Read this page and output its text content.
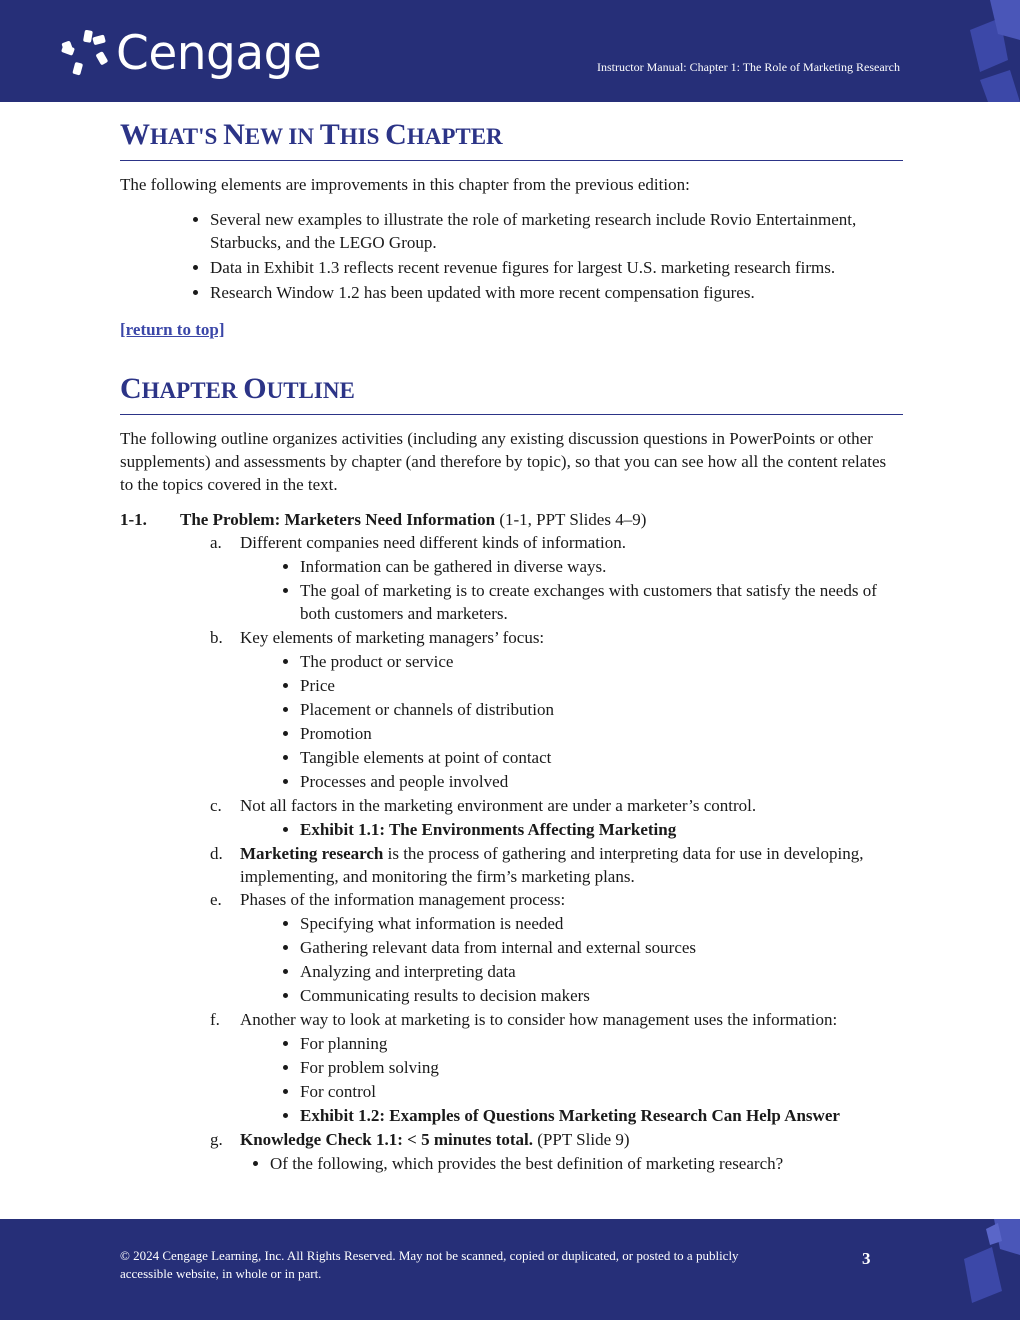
Cengage	Instructor Manual: Chapter 1: The Role of Marketing Research
WHAT'S NEW IN THIS CHAPTER

The following elements are improvements in this chapter from the previous edition:

• Several new examples to illustrate the role of marketing research include Rovio Entertainment, Starbucks, and the LEGO Group.
• Data in Exhibit 1.3 reflects recent revenue figures for largest U.S. marketing research firms.
• Research Window 1.2 has been updated with more recent compensation figures.
[return to top]
CHAPTER OUTLINE

The following outline organizes activities (including any existing discussion questions in PowerPoints or other supplements) and assessments by chapter (and therefore by topic), so that you can see how all the content relates to the topics covered in the text.

1-1.	The Problem: Marketers Need Information (1-1, PPT Slides 4–9)
a.	Different companies need different kinds of information.
• Information can be gathered in diverse ways.
• The goal of marketing is to create exchanges with customers that satisfy the needs of both customers and marketers.
b.	Key elements of marketing managers’ focus:
• The product or service
• Price
• Placement or channels of distribution
• Promotion
• Tangible elements at point of contact
• Processes and people involved
c.	Not all factors in the marketing environment are under a marketer’s control.
• Exhibit 1.1: The Environments Affecting Marketing
d.	Marketing research is the process of gathering and interpreting data for use in developing, implementing, and monitoring the firm’s marketing plans.
e.	Phases of the information management process:
• Specifying what information is needed
• Gathering relevant data from internal and external sources
• Analyzing and interpreting data
• Communicating results to decision makers
f.	Another way to look at marketing is to consider how management uses the information:
• For planning
• For problem solving
• For control
• Exhibit 1.2: Examples of Questions Marketing Research Can Help Answer
g.	Knowledge Check 1.1: < 5 minutes total. (PPT Slide 9)
• Of the following, which provides the best definition of marketing research?
© 2024 Cengage Learning, Inc. All Rights Reserved. May not be scanned, copied or duplicated, or posted to a publicly accessible website, in whole or in part.
3
